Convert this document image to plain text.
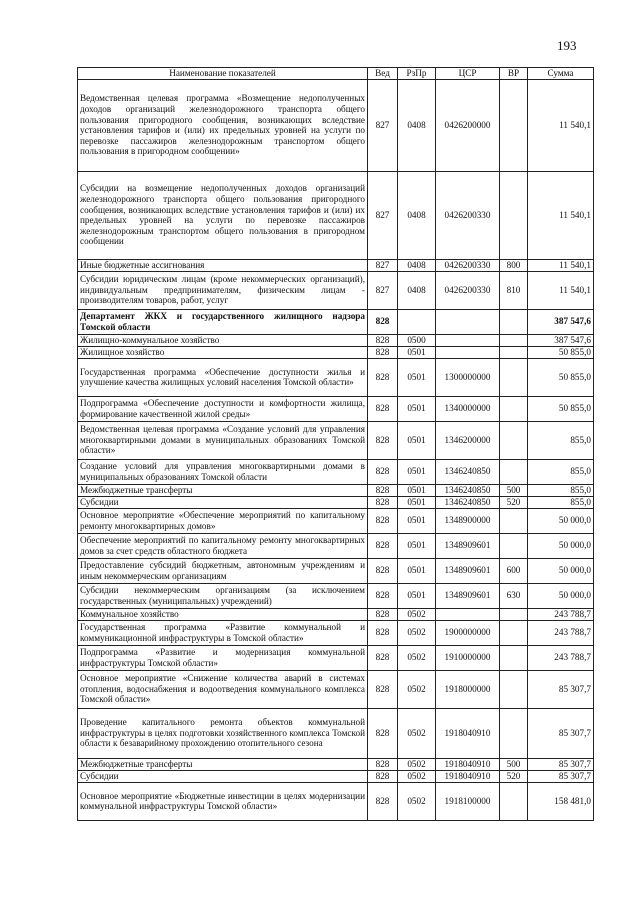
193
Наименование показателей	Вед	РзПр	ЦСР	ВР	Сумма
Ведомственная целевая программа «Возмещение недополученных доходов организаций железнодорожного транспорта общего пользования пригородного сообщения, возникающих вследствие установления тарифов и (или) их предельных уровней на услуги по перевозке пассажиров железнодорожным транспортом общего пользования в пригородном сообщении»	827	0408	0426200000		11 540,1
Субсидии на возмещение недополученных доходов организаций железнодорожного транспорта общего пользования пригородного сообщения, возникающих вследствие установления тарифов и (или) их предельных уровней на услуги по перевозке пассажиров железнодорожным транспортом общего пользования в пригородном сообщении	827	0408	0426200330		11 540,1
Иные бюджетные ассигнования	827	0408	0426200330	800	11 540,1
Субсидии юридическим лицам (кроме некоммерческих организаций), индивидуальным предпринимателям, физическим лицам - производителям товаров, работ, услуг	827	0408	0426200330	810	11 540,1
Департамент ЖКХ и государственного жилищного надзора Томской области	828				387 547,6
Жилищно-коммунальное хозяйство	828	0500			387 547,6
Жилищное хозяйство	828	0501			50 855,0
Государственная программа «Обеспечение доступности жилья и улучшение качества жилищных условий населения Томской области»	828	0501	1300000000		50 855,0
Подпрограмма «Обеспечение доступности и комфортности жилища, формирование качественной жилой среды»	828	0501	1340000000		50 855,0
Ведомственная целевая программа «Создание условий для управления многоквартирными домами в муниципальных образованиях Томской области»	828	0501	1346200000		855,0
Создание условий для управления многоквартирными домами в муниципальных образованиях Томской области	828	0501	1346240850		855,0
Межбюджетные трансферты	828	0501	1346240850	500	855,0
Субсидии	828	0501	1346240850	520	855,0
Основное мероприятие «Обеспечение мероприятий по капитальному ремонту многоквартирных домов»	828	0501	1348900000		50 000,0
Обеспечение мероприятий по капитальному ремонту многоквартирных домов за счет средств областного бюджета	828	0501	1348909601		50 000,0
Предоставление субсидий бюджетным, автономным учреждениям и иным некоммерческим организациям	828	0501	1348909601	600	50 000,0
Субсидии некоммерческим организациям (за исключением государственных (муниципальных) учреждений)	828	0501	1348909601	630	50 000,0
Коммунальное хозяйство	828	0502			243 788,7
Государственная программа «Развитие коммунальной и коммуникационной инфраструктуры в Томской области»	828	0502	1900000000		243 788,7
Подпрограмма «Развитие и модернизация коммунальной инфраструктуры Томской области»	828	0502	1910000000		243 788,7
Основное мероприятие «Снижение количества аварий в системах отопления, водоснабжения и водоотведения коммунального комплекса Томской области»	828	0502	1918000000		85 307,7
Проведение капитального ремонта объектов коммунальной инфраструктуры в целях подготовки хозяйственного комплекса Томской области к безаварийному прохождению отопительного сезона	828	0502	1918040910		85 307,7
Межбюджетные трансферты	828	0502	1918040910	500	85 307,7
Субсидии	828	0502	1918040910	520	85 307,7
Основное мероприятие «Бюджетные инвестиции в целях модернизации коммунальной инфраструктуры Томской области»	828	0502	1918100000		158 481,0
